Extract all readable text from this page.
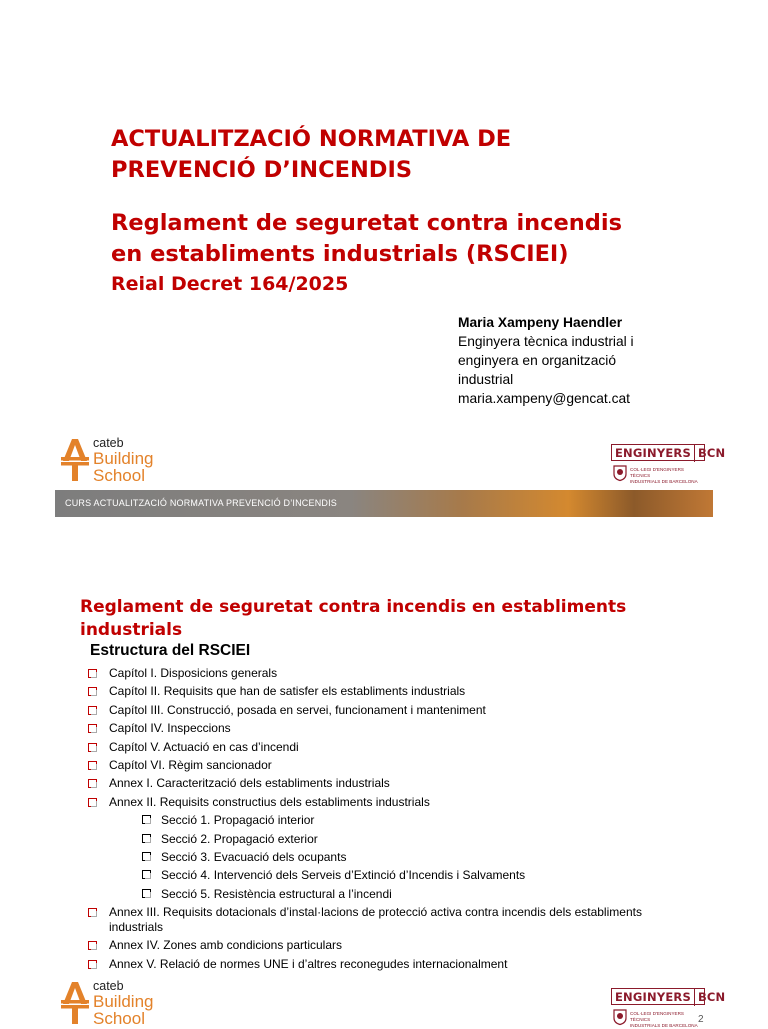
ACTUALITZACIÓ NORMATIVA DE
PREVENCIÓ D’INCENDIS
Reglament de seguretat contra incendis
en establiments industrials (RSCIEI)
Reial Decret 164/2025
Maria Xampeny Haendler
Enginyera tècnica industrial i
enginyera en organització
industrial
maria.xampeny@gencat.cat
cateb
Building
School
ENGINYERS BCN
COL·LEGI D'ENGINYERS TÈCNICS
INDUSTRIALS DE BARCELONA
CURS ACTUALITZACIÓ NORMATIVA PREVENCIÓ D’INCENDIS
Reglament de seguretat contra incendis en establiments industrials
Estructura del RSCIEI
Capítol I. Disposicions generals
Capítol II. Requisits que han de satisfer els establiments industrials
Capítol III. Construcció, posada en servei, funcionament i manteniment
Capítol IV. Inspeccions
Capítol V. Actuació en cas d’incendi
Capítol VI. Règim sancionador
Annex I. Caracterització dels establiments industrials
Annex II. Requisits constructius dels establiments industrials
Secció 1. Propagació interior
Secció 2. Propagació exterior
Secció 3. Evacuació dels ocupants
Secció 4. Intervenció dels Serveis d’Extinció d’Incendis i Salvaments
Secció 5. Resistència estructural a l’incendi
Annex III. Requisits dotacionals d’instal·lacions de protecció activa contra incendis dels establiments industrials
Annex IV. Zones amb condicions particulars
Annex V. Relació de normes UNE i d’altres reconegudes internacionalment
cateb
Building
School
ENGINYERS BCN
COL·LEGI D'ENGINYERS TÈCNICS
INDUSTRIALS DE BARCELONA
2
